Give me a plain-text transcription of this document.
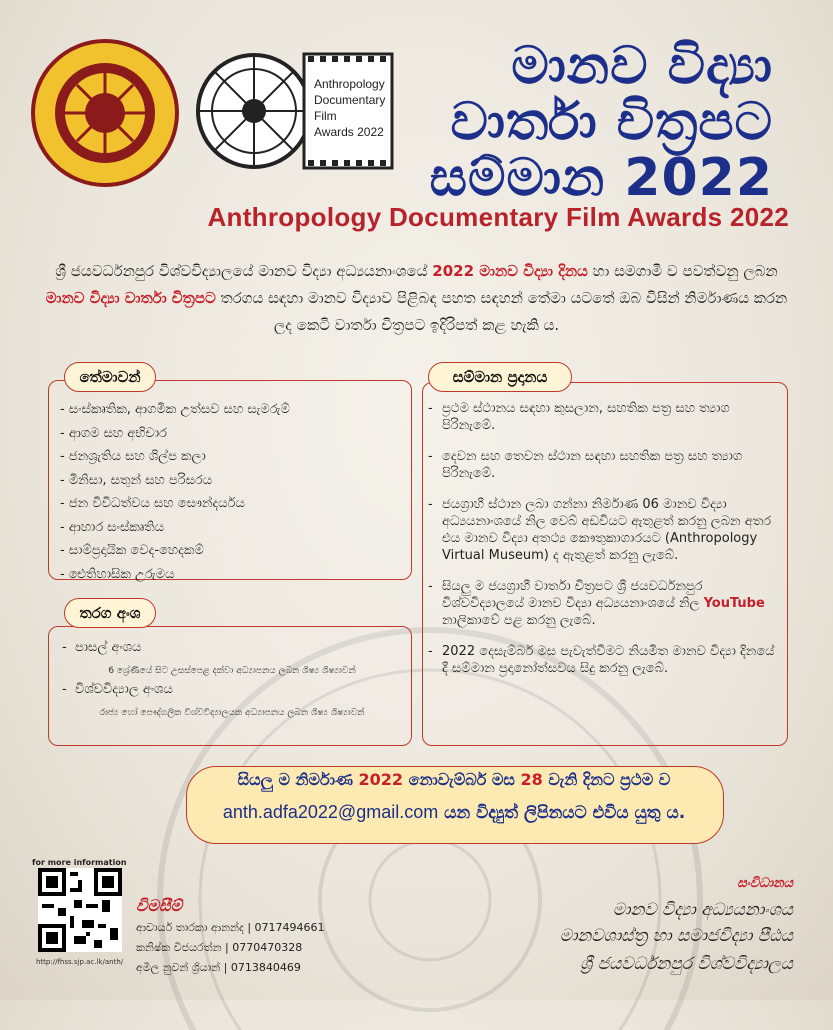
Anthropology
Documentary
Film
Awards 2022
මානව විද්‍යා
වාර්තා චිත්‍රපට
සම්මාන 2022
Anthropology Documentary Film Awards 2022
ශ්‍රී ජයවර්ධනපුර විශ්වවිද්‍යාලයේ මානව විද්‍යා අධ්‍යයනාංශයේ 2022 මානව විද්‍යා දිනය හා සමගාමී ව පවත්වනු ලබන මානව විද්‍යා වාර්තා චිත්‍රපට තරගය සඳහා මානව විද්‍යාව පිළිබඳ පහත සඳහන් තේමා යටතේ ඔබ විසින් නිර්මාණය කරන ලද කෙටි වාර්තා චිත්‍රපට ඉදිරිපත් කළ හැකි ය.
තේමාවන්
- සංස්කෘතික, ආගමික උත්සව සහ සැමරුම්
- ආගම සහ අභිචාර
- ජනශ්‍රැතිය සහ ශිල්ප කලා
- මිනිසා, සතුන් සහ පරිසරය
- ජන විවිධත්වය සහ සෞන්දර්යය
- ආහාර සංස්කෘතිය
- සාම්ප්‍රදායික වෙද-හෙදකම්
- ඓතිහාසික උරුමය
තරග අංශ
-  පාසල් අංශය
6 ශ්‍රේණියේ සිට උසස්පෙළ දක්වා අධ්‍යාපනය ලබන ශිෂ්‍ය ශිෂ්‍යාවන්
-  විශ්වවිද්‍යාල අංශය
රාජ්‍ය හෝ පෞද්ගලික විශ්වවිද්‍යාලයක අධ්‍යාපනය ලබන ශිෂ්‍ය ශිෂ්‍යාවන්
සම්මාන ප්‍රදානය
- ප්‍රථම ස්ථානය සඳහා කුසලාන, සහතික පත්‍ර සහ ත්‍යාග පිරිනැමේ.
- දෙවන සහ තෙවන ස්ථාන සඳහා සහතික පත්‍ර සහ ත්‍යාග පිරිනැමේ.
- ජයග්‍රාහී ස්ථාන ලබා ගන්නා නිර්මාණ 06 මානව විද්‍යා අධ්‍යයනාංශයේ නිල වෙබ් අඩවියට ඇතුළත් කරනු ලබන අතර එය මානව විද්‍යා අතථ්‍ය කෞතුකාගාරයට (Anthropology Virtual Museum) ද ඇතුළත් කරනු ලැබේ.
- සියලු ම ජයග්‍රාහී වාර්තා චිත්‍රපට ශ්‍රී ජයවර්ධනපුර විශ්වවිද්‍යාලයේ මානව විද්‍යා අධ්‍යයනාංශයේ නිල YouTube නාලිකාවේ පළ කරනු ලැබේ.
- 2022 දෙසැම්බර් මස පැවැත්වීමට නියමිත මානව විද්‍යා දිනයේ දී සම්මාන ප්‍රදානෝත්සවය සිදු කරනු ලැබේ.
සියලු ම නිර්මාණ 2022 නොවැම්බර් මස 28 වැනි දිනට ප්‍රථම ව
anth.adfa2022@gmail.com යන විද්‍යුත් ලිපිනයට එවිය යුතු ය.
for more information
http://fhss.sjp.ac.lk/anth/
විමසීම්
ආචාර්ය තාරකා ආනන්ද | 0717494661
කනිෂ්ක විජයරත්න | 0770470328
අමිල නුවන් ශ්‍රියාන් | 0713840469
සංවිධානය
මානව විද්‍යා අධ්‍යයනාංශය
මානවශාස්ත්‍ර හා සමාජවිද්‍යා පීඨය
ශ්‍රී ජයවර්ධනපුර විශ්වවිද්‍යාලය
